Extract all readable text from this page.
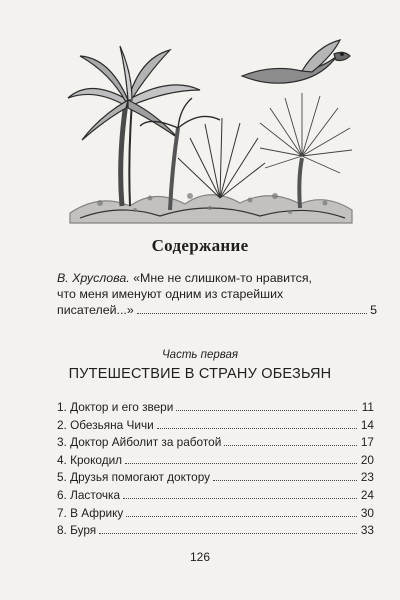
Содержание
В. Хруслова. «Мне не слишком-то нравится,
что меня именуют одним из старейших
писателей...»	5
Часть первая
ПУТЕШЕСТВИЕ В СТРАНУ ОБЕЗЬЯН
1. Доктор и его звери	11
2. Обезьяна Чичи	14
3. Доктор Айболит за работой	17
4. Крокодил	20
5. Друзья помогают доктору	23
6. Ласточка	24
7. В Африку	30
8. Буря	33
126
